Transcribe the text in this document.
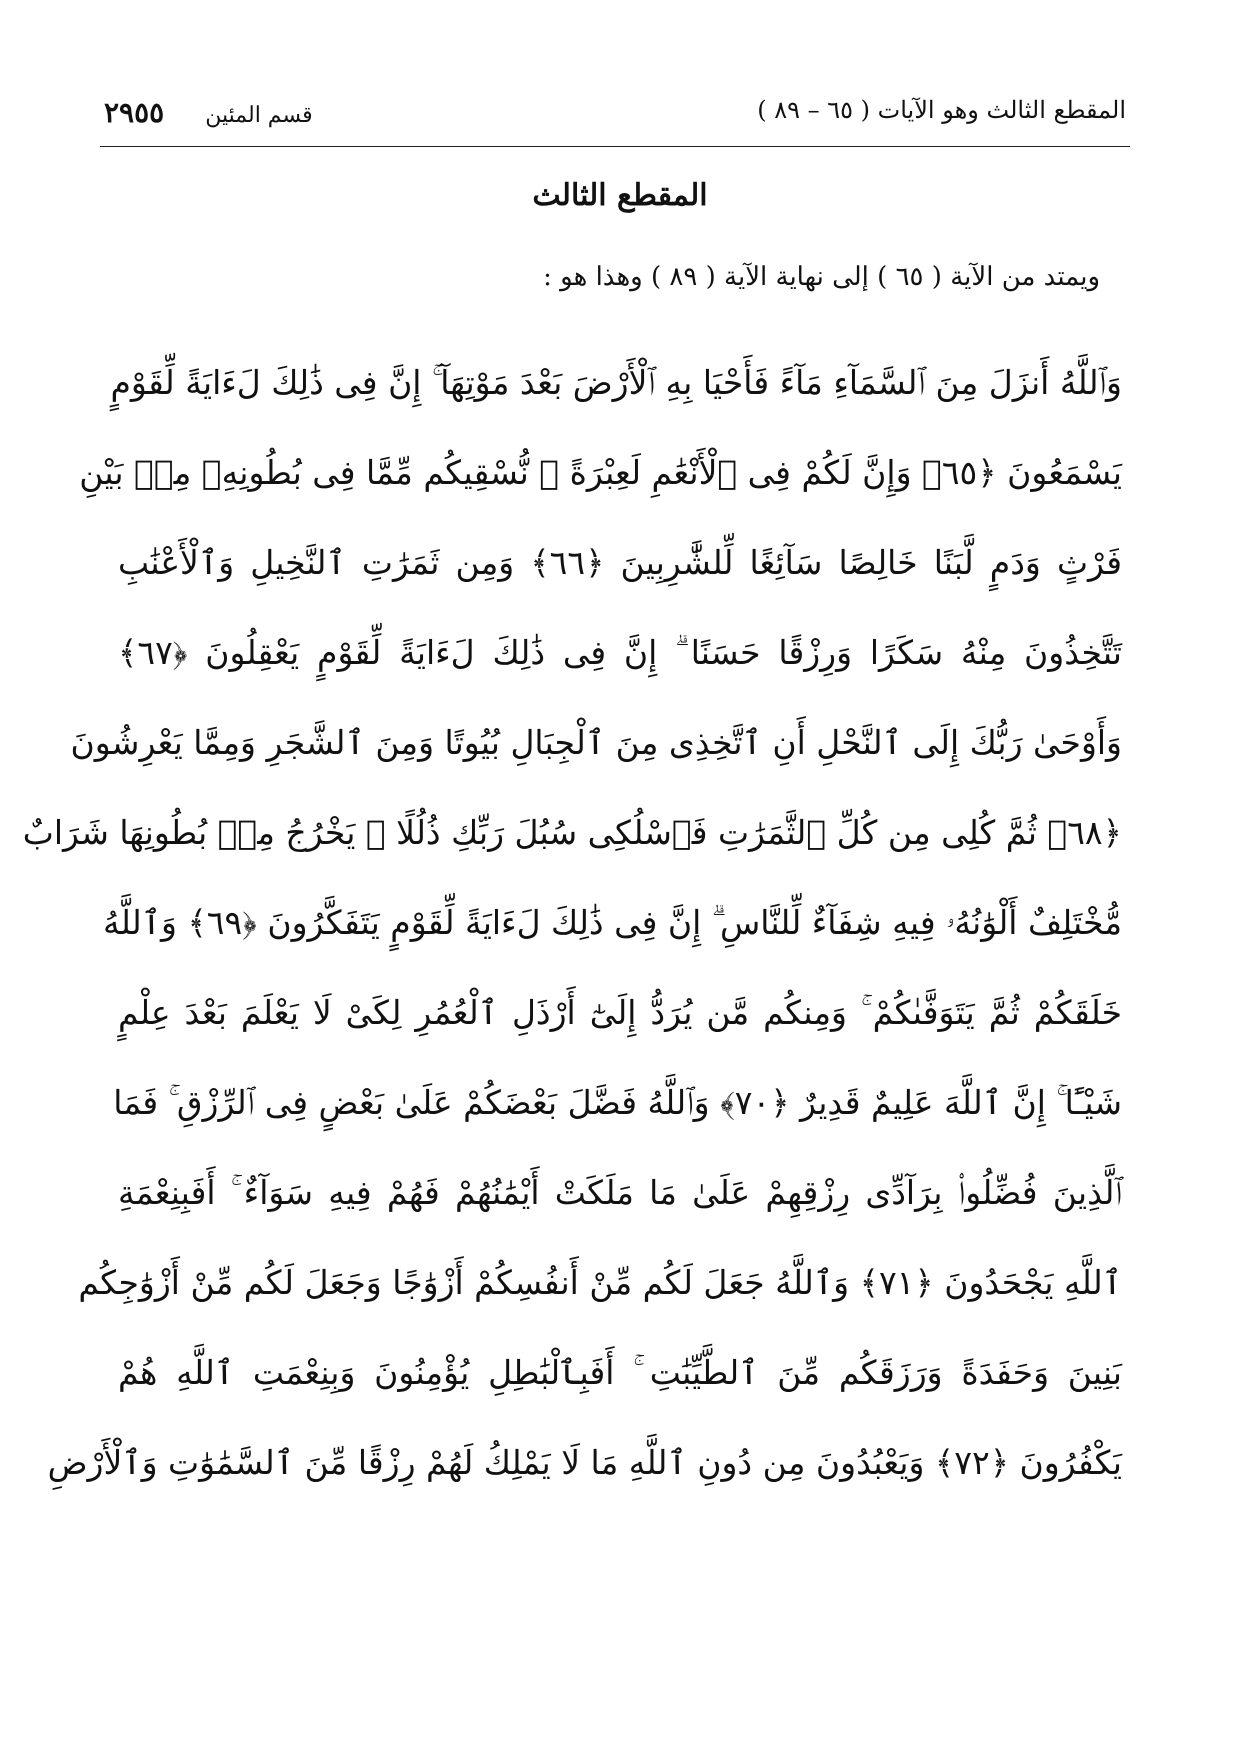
المقطع الثالث وهو الآيات ( ٦٥ – ٨٩ )
قسم المئين ٢٩٥٥
المقطع الثالث
ويمتد من الآية ( ٦٥ ) إلى نهاية الآية ( ٨٩ ) وهذا هو :
وَٱللَّهُ أَنزَلَ مِنَ ٱلسَّمَآءِ مَآءً فَأَحْيَا بِهِ ٱلْأَرْضَ بَعْدَ مَوْتِهَآ ۚ إِنَّ فِى ذَٰلِكَ لَءَايَةً لِّقَوْمٍ
يَسْمَعُونَ ﴿٦٥﴾ وَإِنَّ لَكُمْ فِى ٱلْأَنْعَٰمِ لَعِبْرَةً ۖ نُّسْقِيكُم مِّمَّا فِى بُطُونِهِۦ مِنۢ بَيْنِ
فَرْثٍ وَدَمٍ لَّبَنًا خَالِصًا سَآئِغًا لِّلشَّٰرِبِينَ ﴿٦٦﴾ وَمِن ثَمَرَٰتِ ٱلنَّخِيلِ وَٱلْأَعْنَٰبِ
تَتَّخِذُونَ مِنْهُ سَكَرًا وَرِزْقًا حَسَنًا ۗ إِنَّ فِى ذَٰلِكَ لَءَايَةً لِّقَوْمٍ يَعْقِلُونَ ﴿٦٧﴾
وَأَوْحَىٰ رَبُّكَ إِلَى ٱلنَّحْلِ أَنِ ٱتَّخِذِى مِنَ ٱلْجِبَالِ بُيُوتًا وَمِنَ ٱلشَّجَرِ وَمِمَّا يَعْرِشُونَ
﴿٦٨﴾ ثُمَّ كُلِى مِن كُلِّ ٱلثَّمَرَٰتِ فَٱسْلُكِى سُبُلَ رَبِّكِ ذُلُلًا ۚ يَخْرُجُ مِنۢ بُطُونِهَا شَرَابٌ
مُّخْتَلِفٌ أَلْوَٰنُهُۥ فِيهِ شِفَآءٌ لِّلنَّاسِ ۗ إِنَّ فِى ذَٰلِكَ لَءَايَةً لِّقَوْمٍ يَتَفَكَّرُونَ ﴿٦٩﴾ وَٱللَّهُ
خَلَقَكُمْ ثُمَّ يَتَوَفَّىٰكُمْ ۚ وَمِنكُم مَّن يُرَدُّ إِلَىٰٓ أَرْذَلِ ٱلْعُمُرِ لِكَىْ لَا يَعْلَمَ بَعْدَ عِلْمٍ
شَيْـًٔا ۚ إِنَّ ٱللَّهَ عَلِيمٌ قَدِيرٌ ﴿٧٠﴾ وَٱللَّهُ فَضَّلَ بَعْضَكُمْ عَلَىٰ بَعْضٍ فِى ٱلرِّزْقِ ۚ فَمَا
ٱلَّذِينَ فُضِّلُوا۟ بِرَآدِّى رِزْقِهِمْ عَلَىٰ مَا مَلَكَتْ أَيْمَٰنُهُمْ فَهُمْ فِيهِ سَوَآءٌ ۚ أَفَبِنِعْمَةِ
ٱللَّهِ يَجْحَدُونَ ﴿٧١﴾ وَٱللَّهُ جَعَلَ لَكُم مِّنْ أَنفُسِكُمْ أَزْوَٰجًا وَجَعَلَ لَكُم مِّنْ أَزْوَٰجِكُم
بَنِينَ وَحَفَدَةً وَرَزَقَكُم مِّنَ ٱلطَّيِّبَٰتِ ۚ أَفَبِٱلْبَٰطِلِ يُؤْمِنُونَ وَبِنِعْمَتِ ٱللَّهِ هُمْ
يَكْفُرُونَ ﴿٧٢﴾ وَيَعْبُدُونَ مِن دُونِ ٱللَّهِ مَا لَا يَمْلِكُ لَهُمْ رِزْقًا مِّنَ ٱلسَّمَٰوَٰتِ وَٱلْأَرْضِ
